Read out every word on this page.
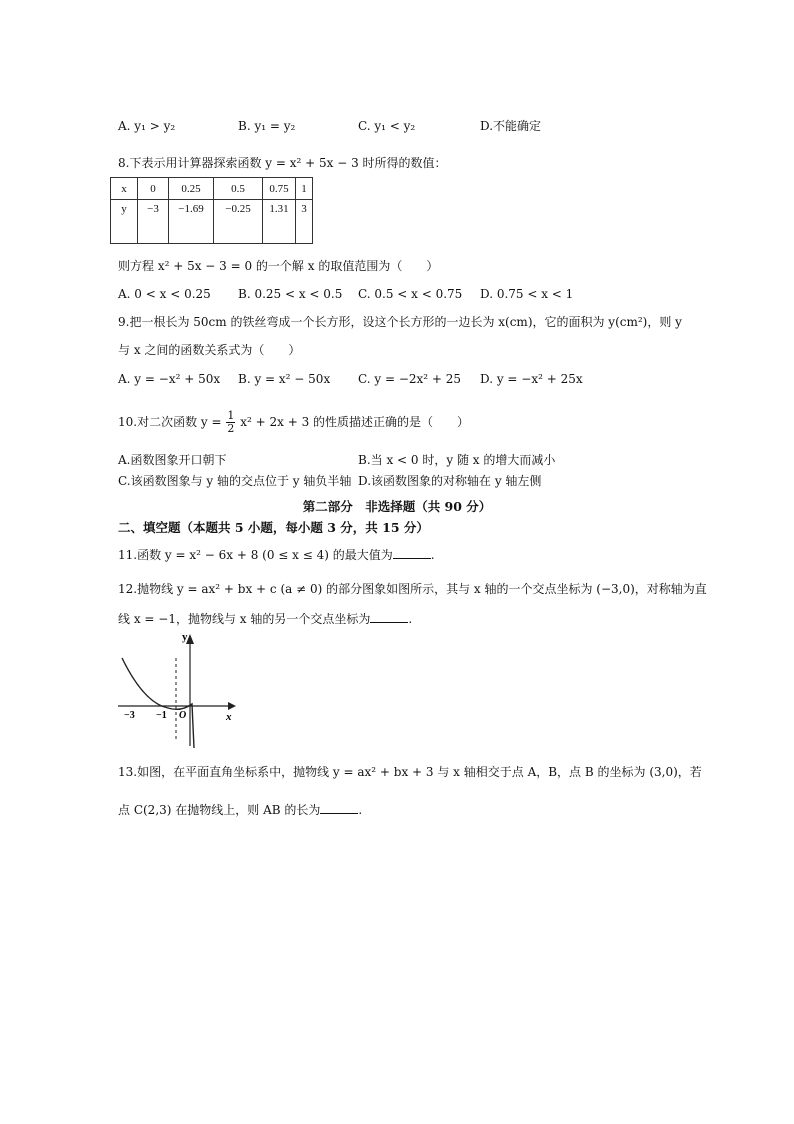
A. y₁ > y₂	B. y₁ = y₂	C. y₁ < y₂	D.不能确定
8.下表示用计算器探索函数 y = x² + 5x − 3 时所得的数值：
x	0	0.25	0.5	0.75	1
y	−3	−1.69	−0.25	1.31	3
则方程 x² + 5x − 3 = 0 的一个解 x 的取值范围为（　　）
A. 0 < x < 0.25 B. 0.25 < x < 0.5 C. 0.5 < x < 0.75 D. 0.75 < x < 1
9.把一根长为 50cm 的铁丝弯成一个长方形，设这个长方形的一边长为 x(cm)，它的面积为 y(cm²)，则 y
与 x 之间的函数关系式为（　　）
A. y = −x² + 50x B. y = x² − 50x C. y = −2x² + 25 D. y = −x² + 25x
10.对二次函数 $y = \frac{1}{2} x^2 + 2x + 3$ 的性质描述正确的是（　　）
A.函数图象开口朝下	B.当 x < 0 时，y 随 x 的增大而减小
C.该函数图象与 y 轴的交点位于 y 轴负半轴 D.该函数图象的对称轴在 y 轴左侧
第二部分　非选择题（共 90 分）
二、填空题（本题共 5 小题，每小题 3 分，共 15 分）
11.函数 y = x² − 6x + 8 (0 ≤ x ≤ 4) 的最大值为	.
12.抛物线 y = ax² + bx + c (a ≠ 0) 的部分图象如图所示，其与 x 轴的一个交点坐标为 (−3,0)，对称轴为直
线 x = −1，抛物线与 x 轴的另一个交点坐标为	.
y
x
−3 −1 O
13.如图，在平面直角坐标系中，抛物线 y = ax² + bx + 3 与 x 轴相交于点 A，B，点 B 的坐标为 (3,0)，若
点 C(2,3) 在抛物线上，则 AB 的长为	.
